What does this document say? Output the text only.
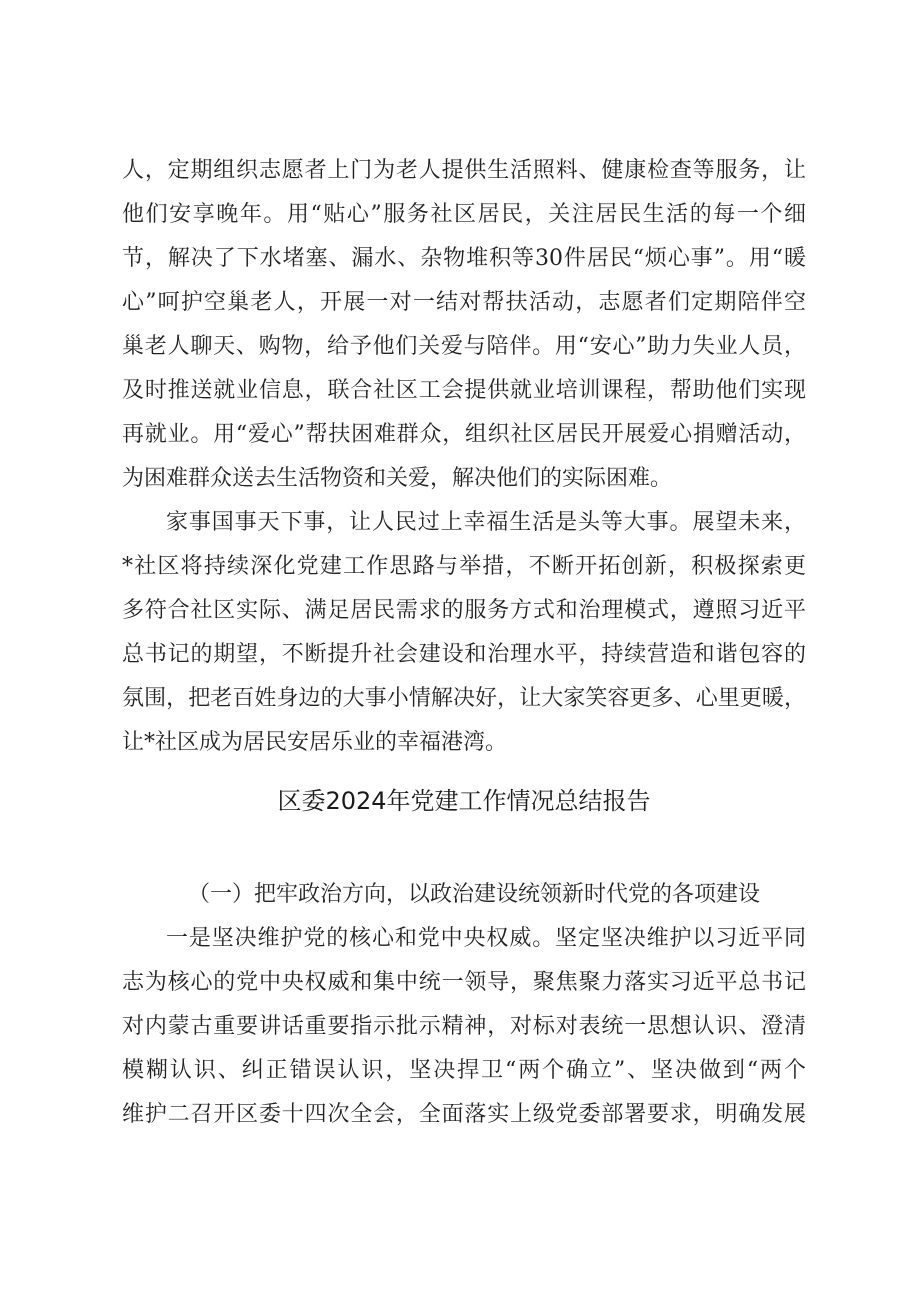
人，定期组织志愿者上门为老人提供生活照料、健康检查等服务，让
他们安享晚年。用“贴心”服务社区居民，关注居民生活的每一个细
节，解决了下水堵塞、漏水、杂物堆积等30件居民“烦心事”。用“暖
心”呵护空巢老人，开展一对一结对帮扶活动，志愿者们定期陪伴空
巢老人聊天、购物，给予他们关爱与陪伴。用“安心”助力失业人员，
及时推送就业信息，联合社区工会提供就业培训课程，帮助他们实现
再就业。用“爱心”帮扶困难群众，组织社区居民开展爱心捐赠活动，
为困难群众送去生活物资和关爱，解决他们的实际困难。
家事国事天下事，让人民过上幸福生活是头等大事。展望未来，
*社区将持续深化党建工作思路与举措，不断开拓创新，积极探索更
多符合社区实际、满足居民需求的服务方式和治理模式，遵照习近平
总书记的期望，不断提升社会建设和治理水平，持续营造和谐包容的
氛围，把老百姓身边的大事小情解决好，让大家笑容更多、心里更暖，
让*社区成为居民安居乐业的幸福港湾。
区委2024年党建工作情况总结报告
（一）把牢政治方向，以政治建设统领新时代党的各项建设
一是坚决维护党的核心和党中央权威。坚定坚决维护以习近平同
志为核心的党中央权威和集中统一领导，聚焦聚力落实习近平总书记
对内蒙古重要讲话重要指示批示精神，对标对表统一思想认识、澄清
模糊认识、纠正错误认识，坚决捍卫“两个确立”、坚决做到“两个
维护二召开区委十四次全会，全面落实上级党委部署要求，明确发展
